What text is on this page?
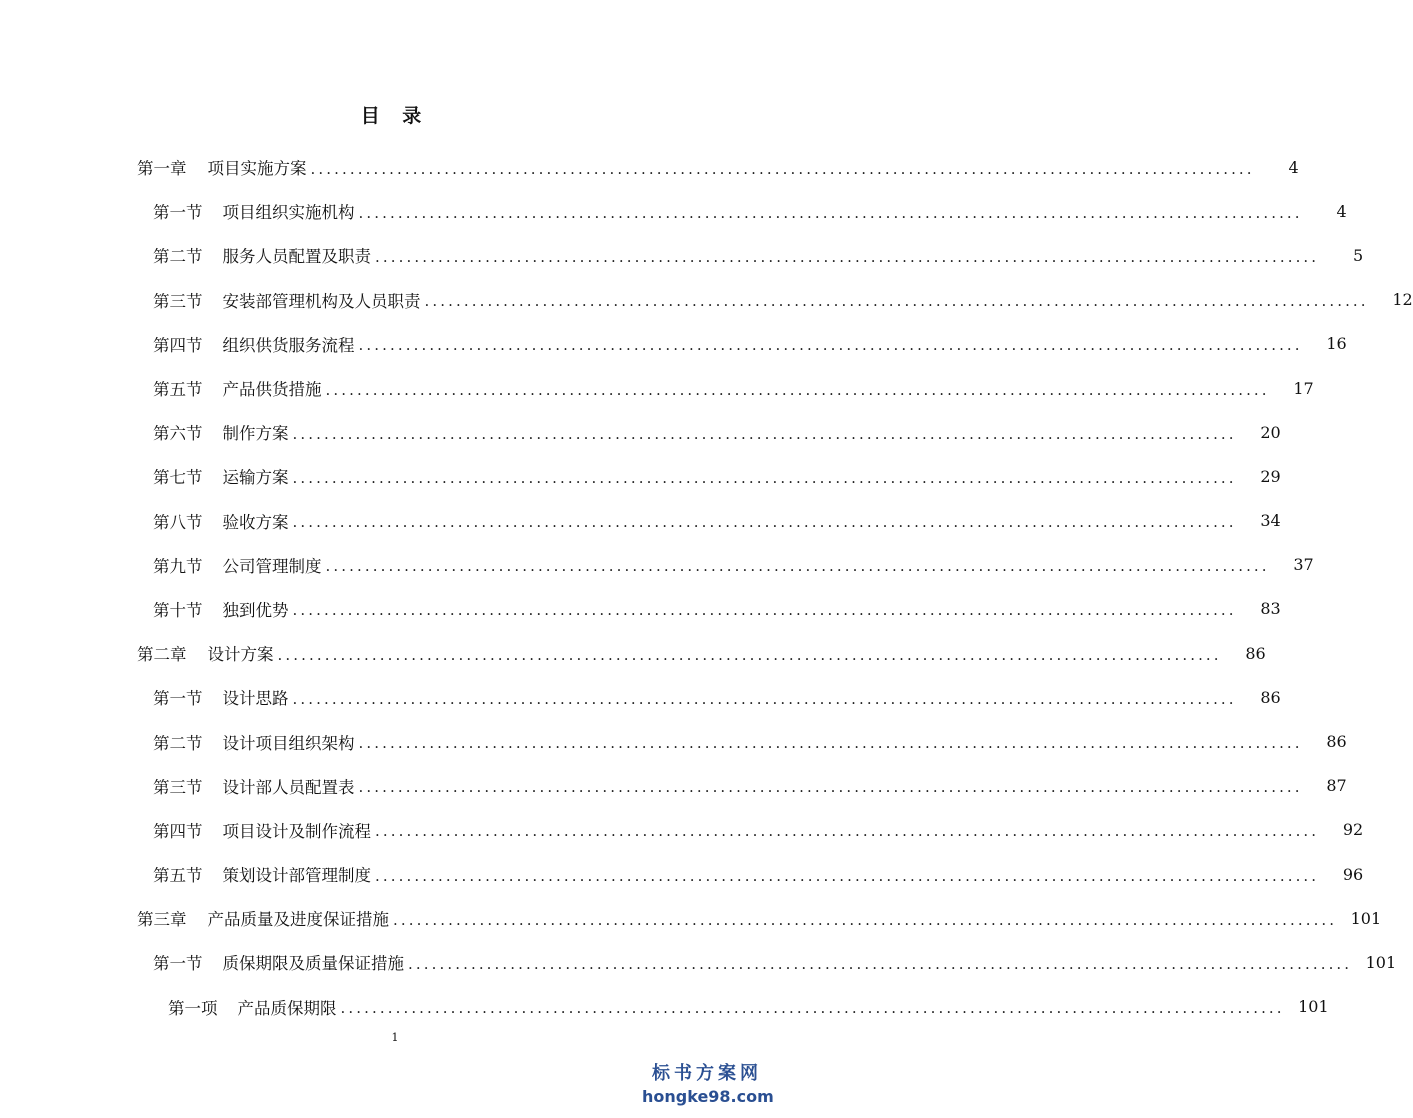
目 录
第一章 项目实施方案 ........................................................................................................................	4
第一节 项目组织实施机构 ........................................................................................................................	4
第二节 服务人员配置及职责 ........................................................................................................................	5
第三节 安装部管理机构及人员职责 ........................................................................................................................	12
第四节 组织供货服务流程 ........................................................................................................................	16
第五节 产品供货措施 ........................................................................................................................	17
第六节 制作方案 ........................................................................................................................	20
第七节 运输方案 ........................................................................................................................	29
第八节 验收方案 ........................................................................................................................	34
第九节 公司管理制度 ........................................................................................................................	37
第十节 独到优势 ........................................................................................................................	83
第二章 设计方案 ........................................................................................................................	86
第一节 设计思路 ........................................................................................................................	86
第二节 设计项目组织架构 ........................................................................................................................	86
第三节 设计部人员配置表 ........................................................................................................................	87
第四节 项目设计及制作流程 ........................................................................................................................	92
第五节 策划设计部管理制度 ........................................................................................................................	96
第三章 产品质量及进度保证措施 ........................................................................................................................ 101
第一节 质保期限及质量保证措施 ........................................................................................................................ 101
第一项 产品质保期限 ........................................................................................................................ 101
1
标书方案网
hongke98.com
